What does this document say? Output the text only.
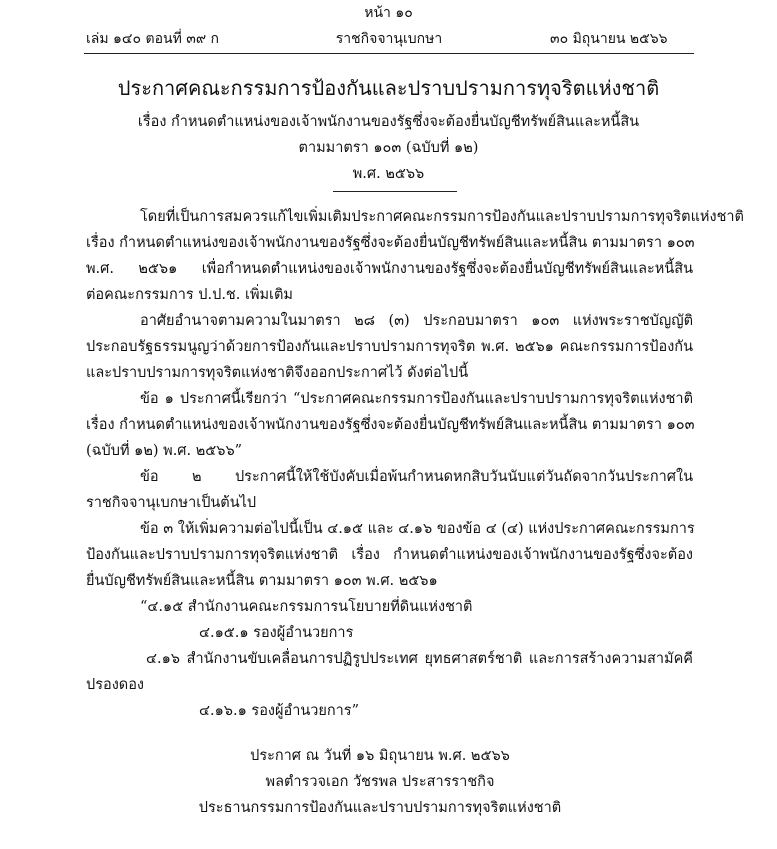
หน้า ๑๐
เล่ม ๑๔๐ ตอนที่ ๓๙ ก	ราชกิจจานุเบกษา	๓๐ มิถุนายน ๒๕๖๖
ประกาศคณะกรรมการป้องกันและปราบปรามการทุจริตแห่งชาติ
เรื่อง กำหนดตำแหน่งของเจ้าพนักงานของรัฐซึ่งจะต้องยื่นบัญชีทรัพย์สินและหนี้สิน
ตามมาตรา ๑๐๓ (ฉบับที่ ๑๒)
พ.ศ. ๒๕๖๖
โดยที่เป็นการสมควรแก้ไขเพิ่มเติมประกาศคณะกรรมการป้องกันและปราบปรามการทุจริตแห่งชาติ
เรื่อง กำหนดตำแหน่งของเจ้าพนักงานของรัฐซึ่งจะต้องยื่นบัญชีทรัพย์สินและหนี้สิน ตามมาตรา ๑๐๓
พ.ศ. ๒๕๖๑ เพื่อกำหนดตำแหน่งของเจ้าพนักงานของรัฐซึ่งจะต้องยื่นบัญชีทรัพย์สินและหนี้สิน
ต่อคณะกรรมการ ป.ป.ช. เพิ่มเติม
อาศัยอำนาจตามความในมาตรา ๒๘ (๓) ประกอบมาตรา ๑๐๓ แห่งพระราชบัญญัติ
ประกอบรัฐธรรมนูญว่าด้วยการป้องกันและปราบปรามการทุจริต พ.ศ. ๒๕๖๑ คณะกรรมการป้องกัน
และปราบปรามการทุจริตแห่งชาติจึงออกประกาศไว้ ดังต่อไปนี้
ข้อ ๑ ประกาศนี้เรียกว่า “ประกาศคณะกรรมการป้องกันและปราบปรามการทุจริตแห่งชาติ
เรื่อง กำหนดตำแหน่งของเจ้าพนักงานของรัฐซึ่งจะต้องยื่นบัญชีทรัพย์สินและหนี้สิน ตามมาตรา ๑๐๓
(ฉบับที่ ๑๒) พ.ศ. ๒๕๖๖”
ข้อ ๒ ประกาศนี้ให้ใช้บังคับเมื่อพ้นกำหนดหกสิบวันนับแต่วันถัดจากวันประกาศใน
ราชกิจจานุเบกษาเป็นต้นไป
ข้อ ๓ ให้เพิ่มความต่อไปนี้เป็น ๔.๑๕ และ ๔.๑๖ ของข้อ ๔ (๔) แห่งประกาศคณะกรรมการ
ป้องกันและปราบปรามการทุจริตแห่งชาติ เรื่อง กำหนดตำแหน่งของเจ้าพนักงานของรัฐซึ่งจะต้อง
ยื่นบัญชีทรัพย์สินและหนี้สิน ตามมาตรา ๑๐๓ พ.ศ. ๒๕๖๑
“๔.๑๕ สำนักงานคณะกรรมการนโยบายที่ดินแห่งชาติ
๔.๑๕.๑ รองผู้อำนวยการ
๔.๑๖ สำนักงานขับเคลื่อนการปฏิรูปประเทศ ยุทธศาสตร์ชาติ และการสร้างความสามัคคี
ปรองดอง
๔.๑๖.๑ รองผู้อำนวยการ”
ประกาศ ณ วันที่ ๑๖ มิถุนายน พ.ศ. ๒๕๖๖
พลตำรวจเอก วัชรพล ประสารราชกิจ
ประธานกรรมการป้องกันและปราบปรามการทุจริตแห่งชาติ
